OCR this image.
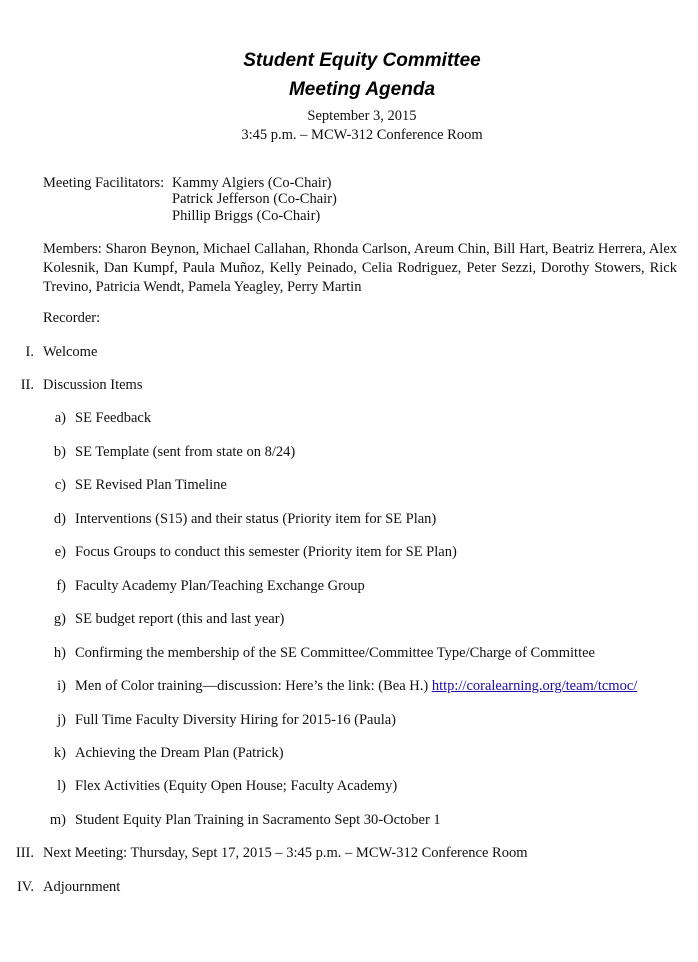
Student Equity Committee
Meeting Agenda
September 3, 2015
3:45 p.m. – MCW-312 Conference Room
Meeting Facilitators: Kammy Algiers (Co-Chair)
Patrick Jefferson (Co-Chair)
Phillip Briggs (Co-Chair)
Members: Sharon Beynon, Michael Callahan, Rhonda Carlson, Areum Chin, Bill Hart, Beatriz Herrera, Alex Kolesnik, Dan Kumpf, Paula Muñoz, Kelly Peinado, Celia Rodriguez, Peter Sezzi, Dorothy Stowers, Rick Trevino, Patricia Wendt, Pamela Yeagley, Perry Martin
Recorder:
I. Welcome
II. Discussion Items
a) SE Feedback
b) SE Template (sent from state on 8/24)
c) SE Revised Plan Timeline
d) Interventions (S15) and their status (Priority item for SE Plan)
e) Focus Groups to conduct this semester (Priority item for SE Plan)
f) Faculty Academy Plan/Teaching Exchange Group
g) SE budget report (this and last year)
h) Confirming the membership of the SE Committee/Committee Type/Charge of Committee
i) Men of Color training—discussion: Here’s the link: (Bea H.) http://coralearning.org/team/tcmoc/
j) Full Time Faculty Diversity Hiring for 2015-16 (Paula)
k) Achieving the Dream Plan (Patrick)
l) Flex Activities (Equity Open House; Faculty Academy)
m) Student Equity Plan Training in Sacramento Sept 30-October 1
III. Next Meeting: Thursday, Sept 17, 2015 – 3:45 p.m. – MCW-312 Conference Room
IV. Adjournment
